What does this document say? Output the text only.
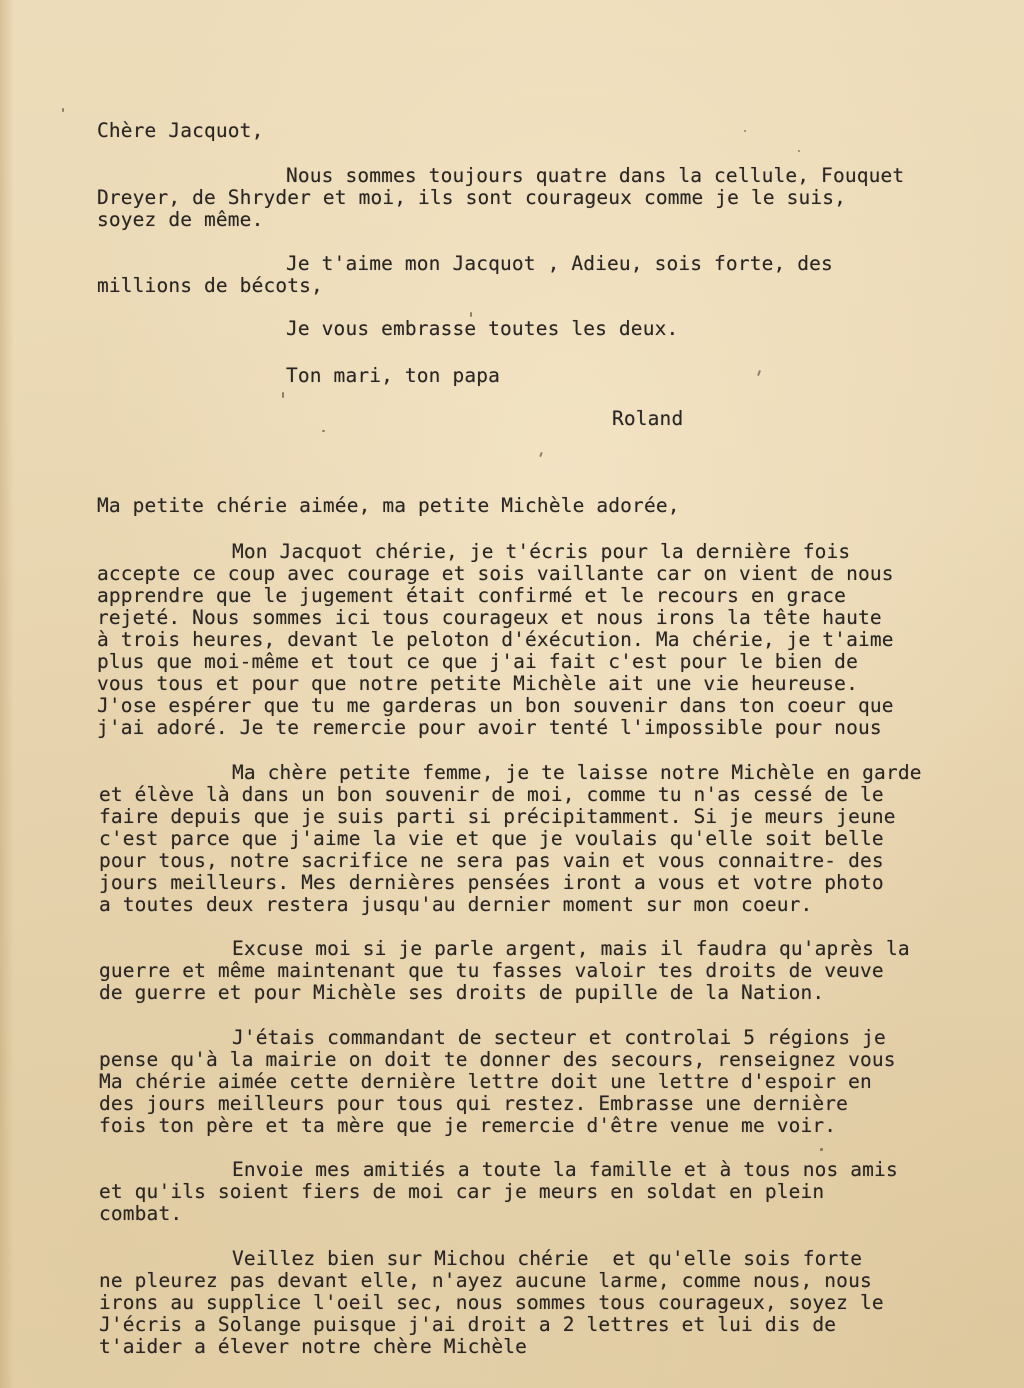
Chère Jacquot,
Nous sommes toujours quatre dans la cellule, Fouquet
Dreyer, de Shryder et moi, ils sont courageux comme je le suis,
soyez de même.
Je t'aime mon Jacquot , Adieu, sois forte, des
millions de bécots,
Je vous embrasse toutes les deux.
Ton mari, ton papa
Roland
Ma petite chérie aimée, ma petite Michèle adorée,
Mon Jacquot chérie, je t'écris pour la dernière fois
accepte ce coup avec courage et sois vaillante car on vient de nous
apprendre que le jugement était confirmé et le recours en grace
rejeté. Nous sommes ici tous courageux et nous irons la tête haute
à trois heures, devant le peloton d'éxécution. Ma chérie, je t'aime
plus que moi-même et tout ce que j'ai fait c'est pour le bien de
vous tous et pour que notre petite Michèle ait une vie heureuse.
J'ose espérer que tu me garderas un bon souvenir dans ton coeur que
j'ai adoré. Je te remercie pour avoir tenté l'impossible pour nous
Ma chère petite femme, je te laisse notre Michèle en garde
et élève là dans un bon souvenir de moi, comme tu n'as cessé de le
faire depuis que je suis parti si précipitamment. Si je meurs jeune
c'est parce que j'aime la vie et que je voulais qu'elle soit belle
pour tous, notre sacrifice ne sera pas vain et vous connaitre- des
jours meilleurs. Mes dernières pensées iront a vous et votre photo
a toutes deux restera jusqu'au dernier moment sur mon coeur.
Excuse moi si je parle argent, mais il faudra qu'après la
guerre et même maintenant que tu fasses valoir tes droits de veuve
de guerre et pour Michèle ses droits de pupille de la Nation.
J'étais commandant de secteur et controlai 5 régions je
pense qu'à la mairie on doit te donner des secours, renseignez vous
Ma chérie aimée cette dernière lettre doit une lettre d'espoir en
des jours meilleurs pour tous qui restez. Embrasse une dernière
fois ton père et ta mère que je remercie d'être venue me voir.
Envoie mes amitiés a toute la famille et à tous nos amis
et qu'ils soient fiers de moi car je meurs en soldat en plein
combat.
Veillez bien sur Michou chérie  et qu'elle sois forte
ne pleurez pas devant elle, n'ayez aucune larme, comme nous, nous
irons au supplice l'oeil sec, nous sommes tous courageux, soyez le
J'écris a Solange puisque j'ai droit a 2 lettres et lui dis de
t'aider a élever notre chère Michèle
